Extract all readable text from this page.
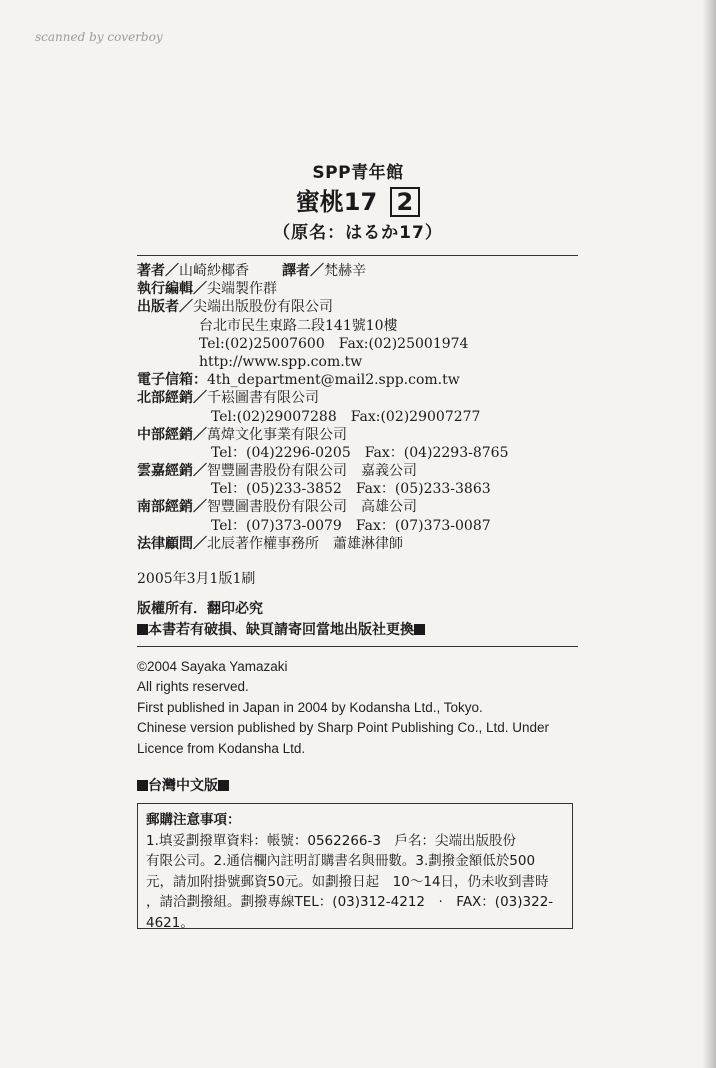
scanned by coverboy
SPP青年館
蜜桃17 2
（原名：はるか17）
著者／山崎紗椰香 譯者／梵赫辛
執行編輯／尖端製作群
出版者／尖端出版股份有限公司
台北市民生東路二段141號10樓
Tel:(02)25007600　Fax:(02)25001974
http://www.spp.com.tw
電子信箱：4th_department@mail2.spp.com.tw
北部經銷／千崧圖書有限公司
Tel:(02)29007288　Fax:(02)29007277
中部經銷／萬煒文化事業有限公司
Tel：(04)2296-0205　Fax：(04)2293-8765
雲嘉經銷／智豐圖書股份有限公司　嘉義公司
Tel：(05)233-3852　Fax：(05)233-3863
南部經銷／智豐圖書股份有限公司　高雄公司
Tel：(07)373-0079　Fax：(07)373-0087
法律顧問／北辰著作權事務所　蕭雄淋律師
2005年3月1版1刷
版權所有．翻印必究
本書若有破損、缺頁請寄回當地出版社更換
©2004 Sayaka Yamazaki
All rights reserved.
First published in Japan in 2004 by Kodansha Ltd., Tokyo.
Chinese version published by Sharp Point Publishing Co., Ltd. Under
Licence from Kodansha Ltd.
台灣中文版
郵購注意事項：
1.填妥劃撥單資料：帳號：0562266-3　戶名：尖端出版股份
有限公司。2.通信欄內註明訂購書名與冊數。3.劃撥金額低於500
元，請加附掛號郵資50元。如劃撥日起　10～14日，仍未收到書時
，請洽劃撥組。劃撥專線TEL：(03)312-4212　·　FAX：(03)322-
4621。
